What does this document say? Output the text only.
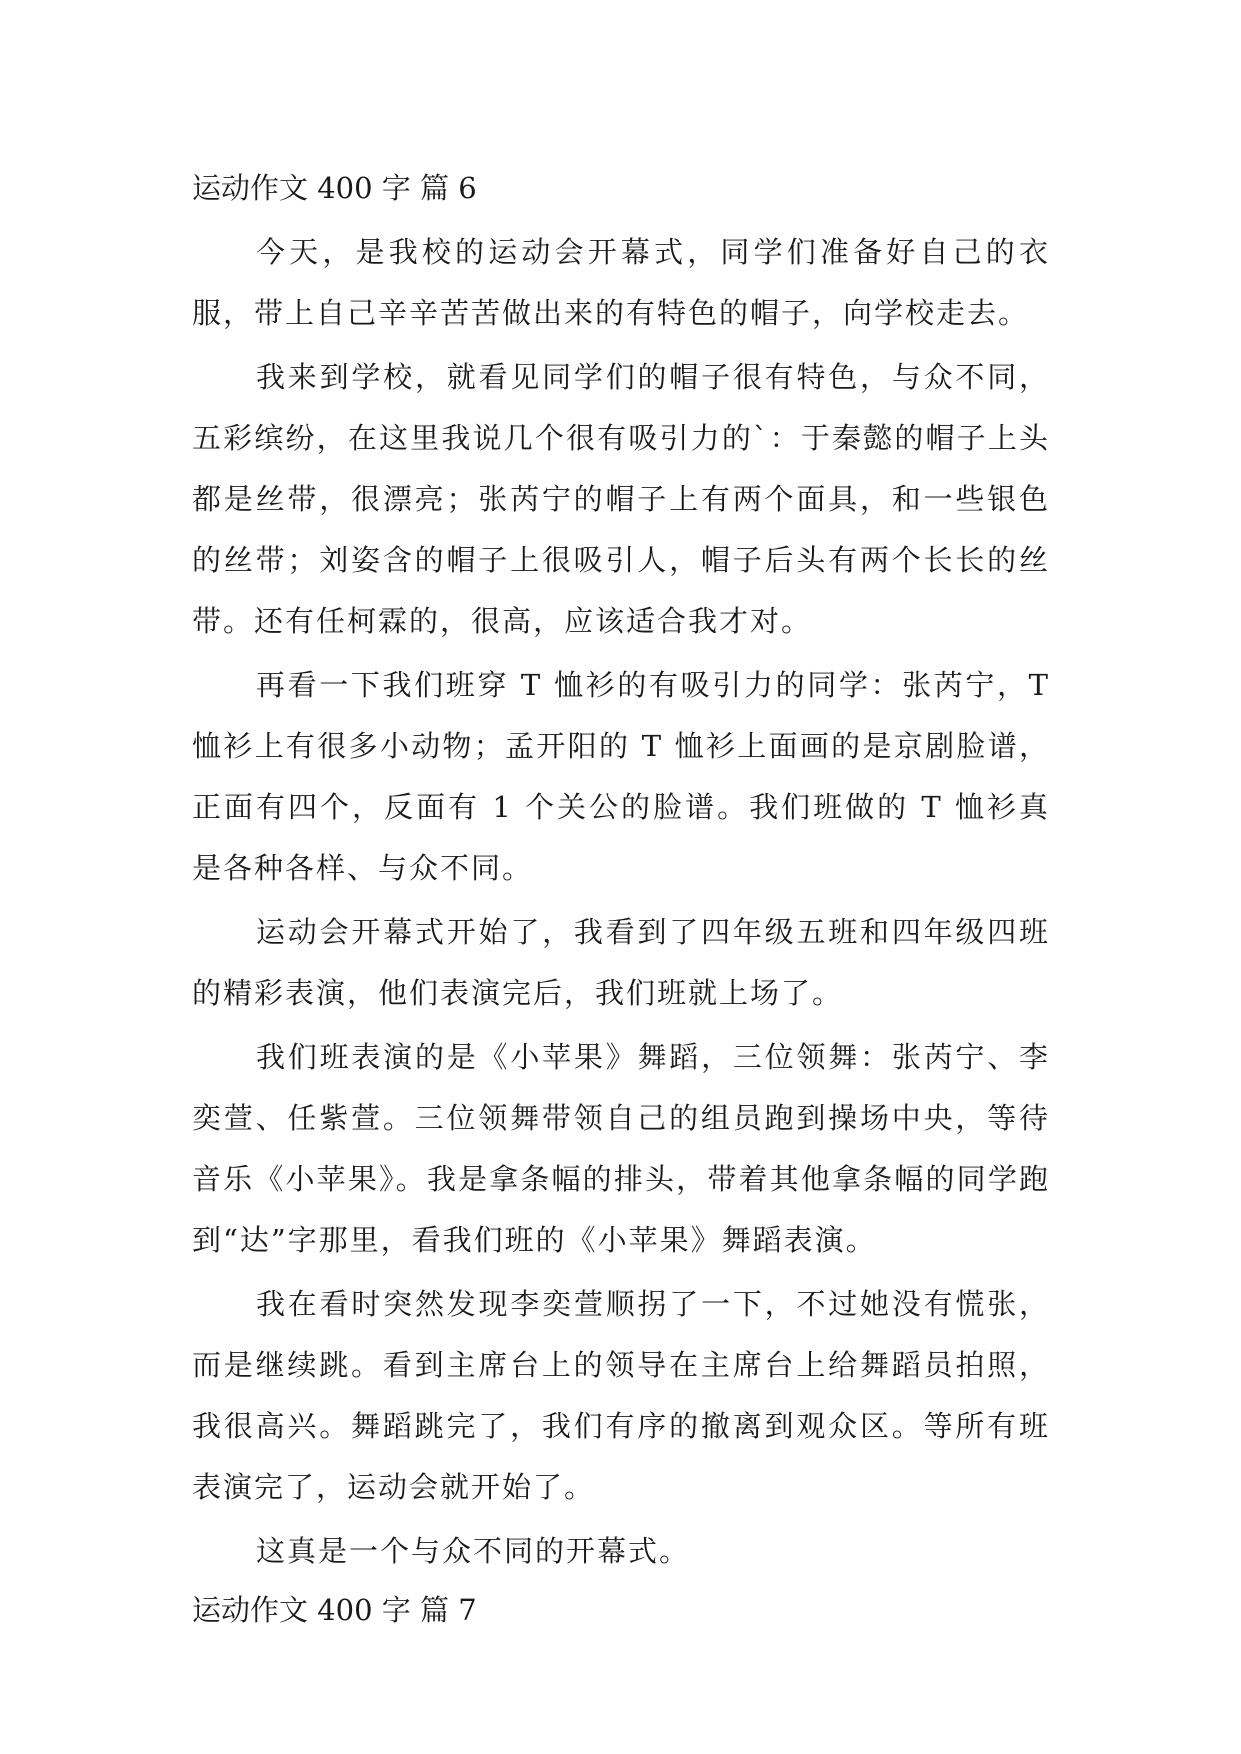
运动作文 400 字 篇 6

今天，是我校的运动会开幕式，同学们准备好自己的衣服，带上自己辛辛苦苦做出来的有特色的帽子，向学校走去。

我来到学校，就看见同学们的帽子很有特色，与众不同，五彩缤纷，在这里我说几个很有吸引力的`：于秦懿的帽子上头都是丝带，很漂亮；张芮宁的帽子上有两个面具，和一些银色的丝带；刘姿含的帽子上很吸引人，帽子后头有两个长长的丝带。还有任柯霖的，很高，应该适合我才对。

再看一下我们班穿 T 恤衫的有吸引力的同学：张芮宁，T 恤衫上有很多小动物；孟开阳的 T 恤衫上面画的是京剧脸谱，正面有四个，反面有 1 个关公的脸谱。我们班做的 T 恤衫真是各种各样、与众不同。

运动会开幕式开始了，我看到了四年级五班和四年级四班的精彩表演，他们表演完后，我们班就上场了。

我们班表演的是《小苹果》舞蹈，三位领舞：张芮宁、李奕萱、任紫萱。三位领舞带领自己的组员跑到操场中央，等待音乐《小苹果》。我是拿条幅的排头，带着其他拿条幅的同学跑到“达”字那里，看我们班的《小苹果》舞蹈表演。

我在看时突然发现李奕萱顺拐了一下，不过她没有慌张，而是继续跳。看到主席台上的领导在主席台上给舞蹈员拍照，我很高兴。舞蹈跳完了，我们有序的撤离到观众区。等所有班表演完了，运动会就开始了。

这真是一个与众不同的开幕式。

运动作文 400 字 篇 7
